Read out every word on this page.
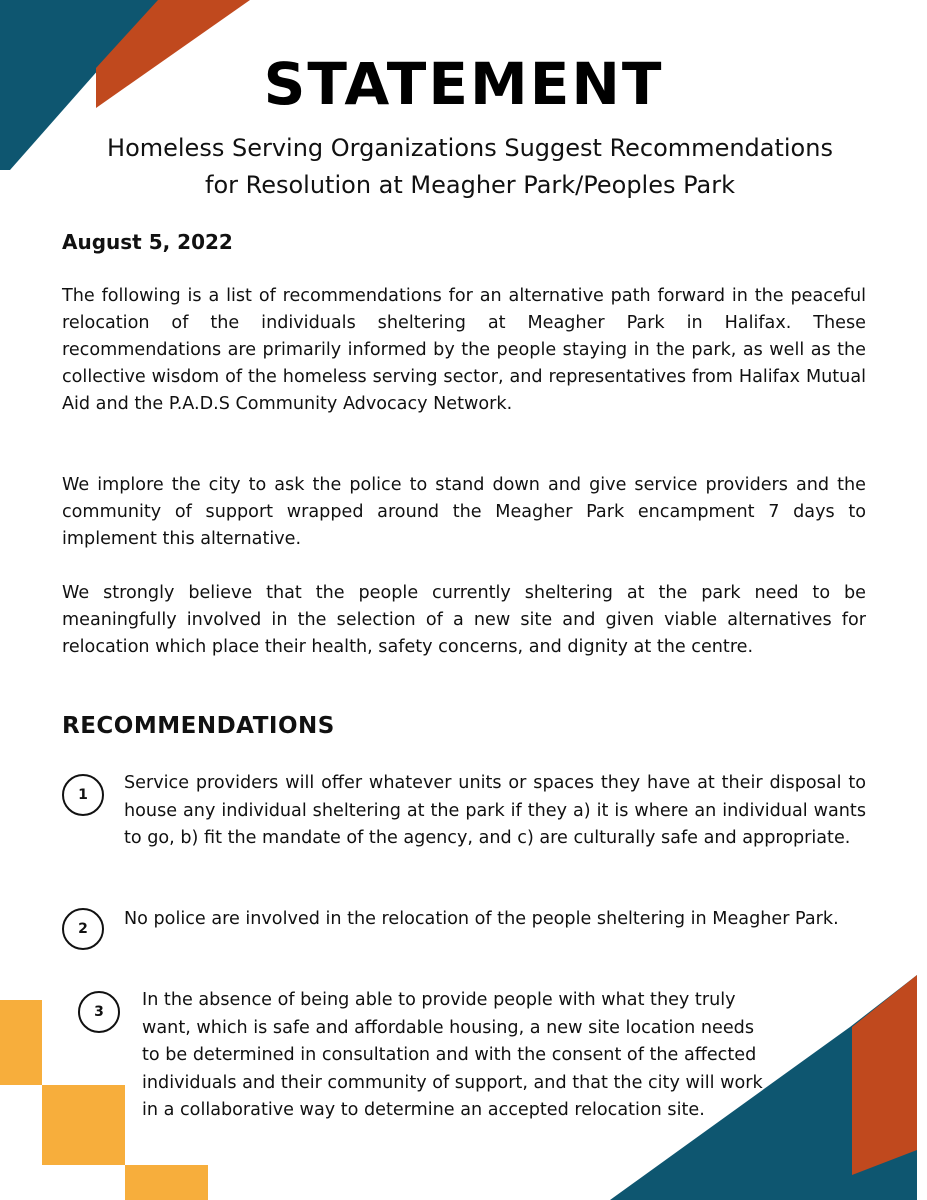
STATEMENT
Homeless Serving Organizations Suggest Recommendations
for Resolution at Meagher Park/Peoples Park
August 5, 2022

The following is a list of recommendations for an alternative path forward in the peaceful relocation of the individuals sheltering at Meagher Park in Halifax. These recommendations are primarily informed by the people staying in the park, as well as the collective wisdom of the homeless serving sector, and representatives from Halifax Mutual Aid and the P.A.D.S Community Advocacy Network.

We implore the city to ask the police to stand down and give service providers and the community of support wrapped around the Meagher Park encampment 7 days to implement this alternative.

We strongly believe that the people currently sheltering at the park need to be meaningfully involved in the selection of a new site and given viable alternatives for relocation which place their health, safety concerns, and dignity at the centre.

RECOMMENDATIONS
1

Service providers will offer whatever units or spaces they have at their disposal to house any individual sheltering at the park if they a) it is where an individual wants to go, b) fit the mandate of the agency, and c) are culturally safe and appropriate.

2	No police are involved in the relocation of the people sheltering in Meagher Park.

3

In the absence of being able to provide people with what they truly want, which is safe and affordable housing, a new site location needs to be determined in consultation and with the consent of the affected individuals and their community of support, and that the city will work in a collaborative way to determine an accepted relocation site.
